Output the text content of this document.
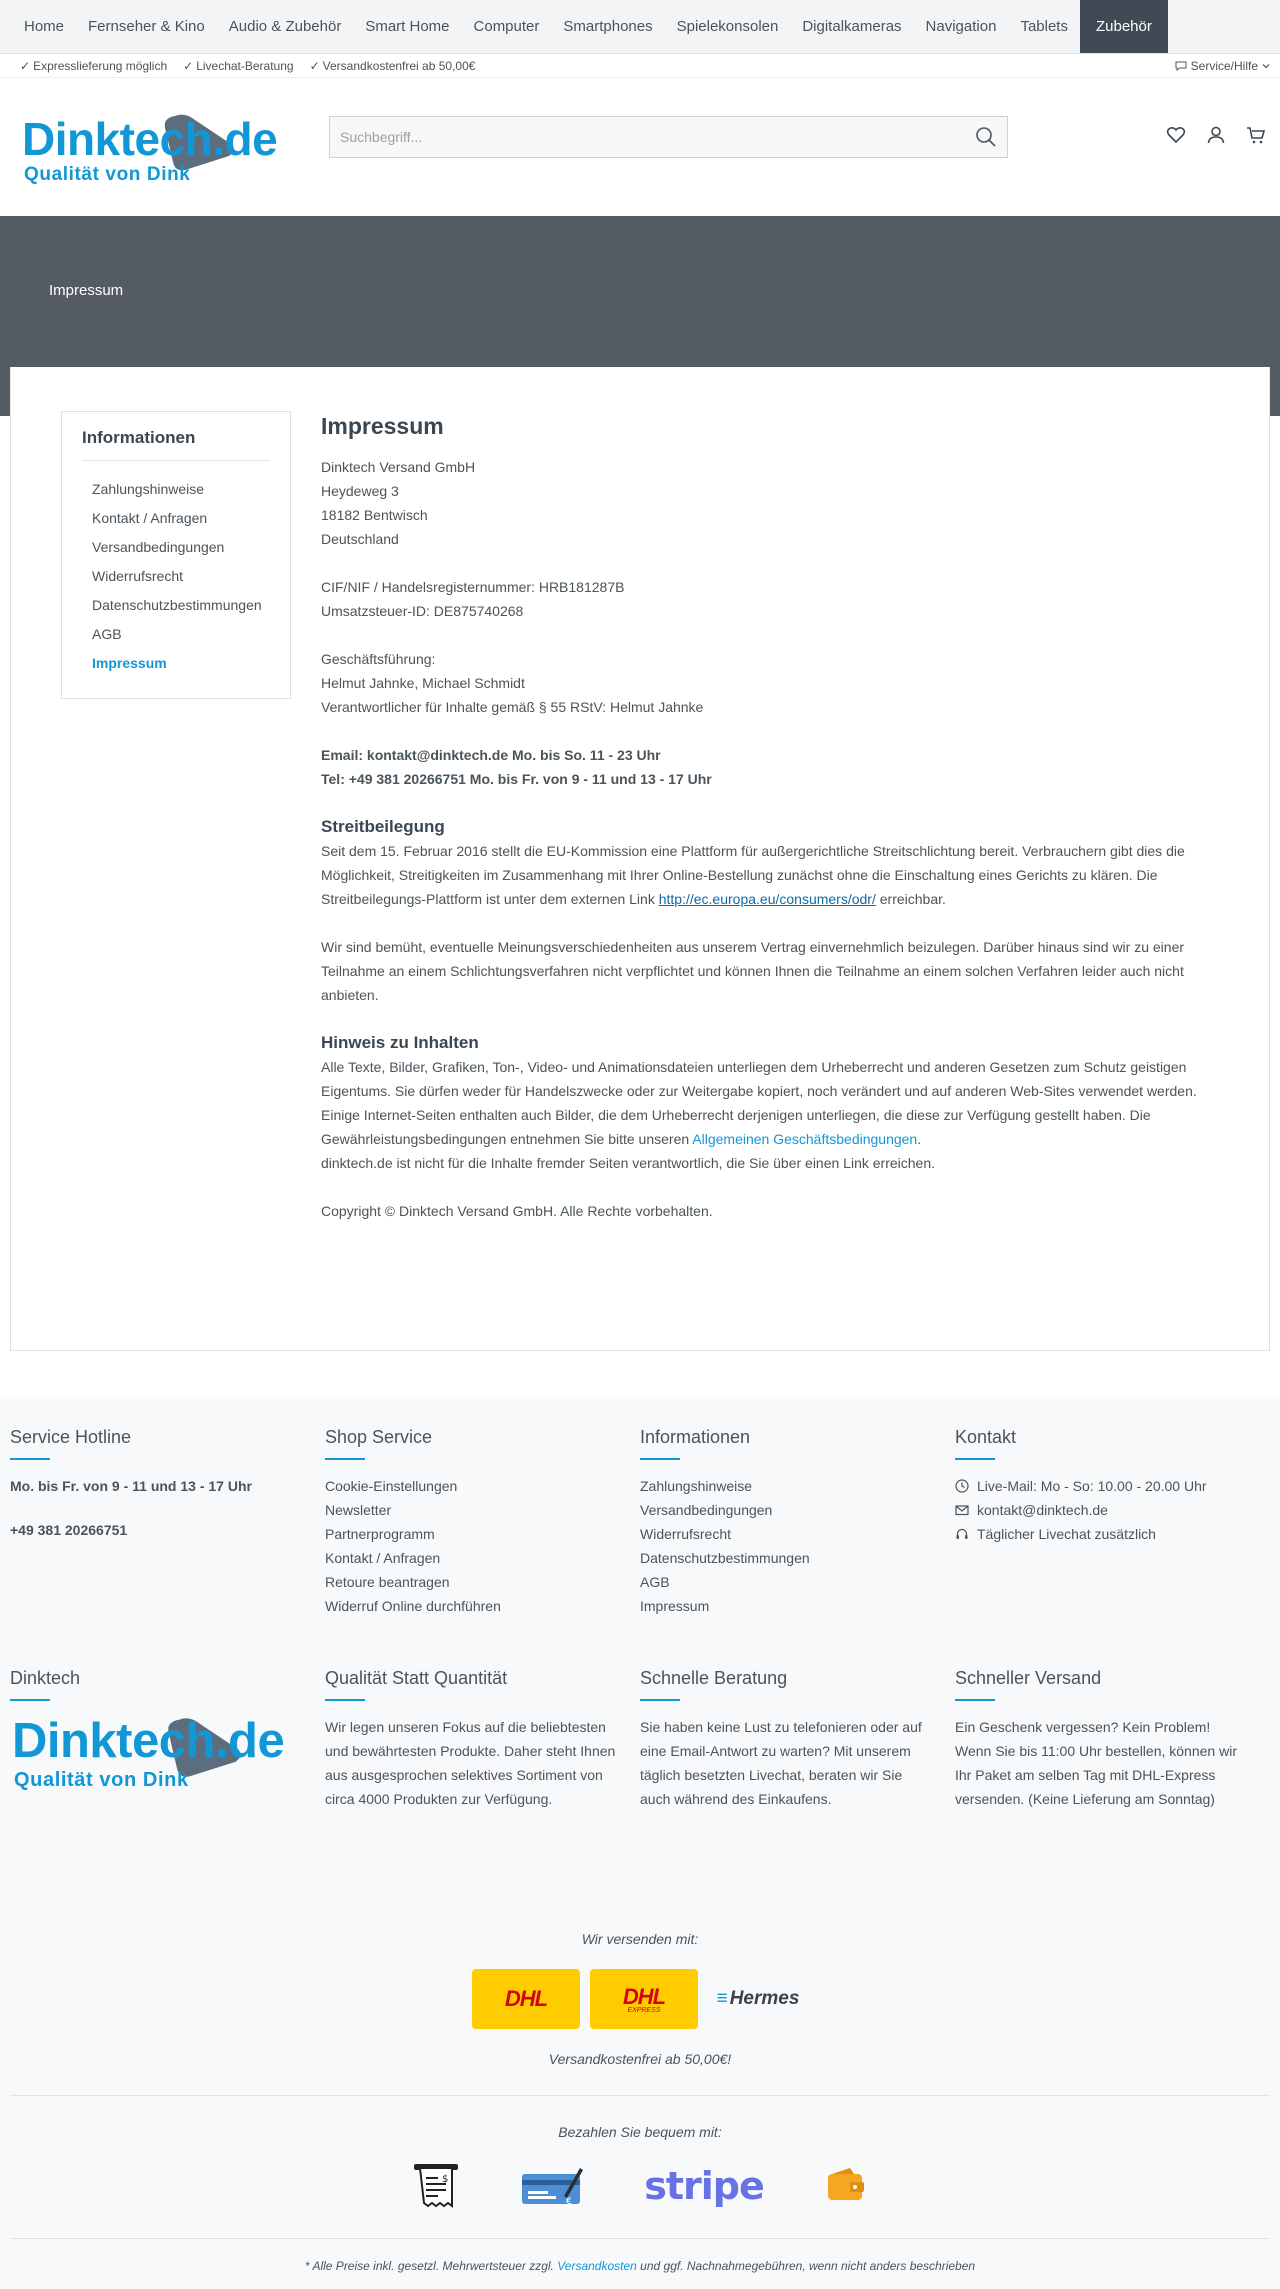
Home	Fernseher & Kino	Audio & Zubehör	Smart Home	Computer	Smartphones	Spielekonsolen	Digitalkameras	Navigation	Tablets	Zubehör
✓ Expresslieferung möglich ✓ Livechat-Beratung ✓ Versandkostenfrei ab 50,00€	Service/Hilfe
Dinktech.de
Qualität von Dink
Suchbegriff...
Impressum
Informationen
Zahlungshinweise
Kontakt / Anfragen
Versandbedingungen
Widerrufsrecht
Datenschutzbestimmungen
AGB
Impressum
Impressum

Dinktech Versand GmbH
Heydeweg 3
18182 Bentwisch
Deutschland

CIF/NIF / Handelsregisternummer: HRB181287B
Umsatzsteuer-ID: DE875740268

Geschäftsführung:
Helmut Jahnke, Michael Schmidt
Verantwortlicher für Inhalte gemäß § 55 RStV: Helmut Jahnke

Email: kontakt@dinktech.de Mo. bis So. 11 - 23 Uhr
Tel: +49 381 20266751 Mo. bis Fr. von 9 - 11 und 13 - 17 Uhr

Streitbeilegung

Seit dem 15. Februar 2016 stellt die EU-Kommission eine Plattform für außergerichtliche Streitschlichtung bereit. Verbrauchern gibt dies die Möglichkeit, Streitigkeiten im Zusammenhang mit Ihrer Online-Bestellung zunächst ohne die Einschaltung eines Gerichts zu klären. Die Streitbeilegungs-Plattform ist unter dem externen Link http://ec.europa.eu/consumers/odr/ erreichbar.

Wir sind bemüht, eventuelle Meinungsverschiedenheiten aus unserem Vertrag einvernehmlich beizulegen. Darüber hinaus sind wir zu einer Teilnahme an einem Schlichtungsverfahren nicht verpflichtet und können Ihnen die Teilnahme an einem solchen Verfahren leider auch nicht anbieten.

Hinweis zu Inhalten

Alle Texte, Bilder, Grafiken, Ton-, Video- und Animationsdateien unterliegen dem Urheberrecht und anderen Gesetzen zum Schutz geistigen Eigentums. Sie dürfen weder für Handelszwecke oder zur Weitergabe kopiert, noch verändert und auf anderen Web-Sites verwendet werden. Einige Internet-Seiten enthalten auch Bilder, die dem Urheberrecht derjenigen unterliegen, die diese zur Verfügung gestellt haben. Die Gewährleistungsbedingungen entnehmen Sie bitte unseren Allgemeinen Geschäftsbedingungen.
dinktech.de ist nicht für die Inhalte fremder Seiten verantwortlich, die Sie über einen Link erreichen.

Copyright © Dinktech Versand GmbH. Alle Rechte vorbehalten.

Service Hotline
Mo. bis Fr. von 9 - 11 und 13 - 17 Uhr
+49 381 20266751
Shop Service
Cookie-Einstellungen
Newsletter
Partnerprogramm
Kontakt / Anfragen
Retoure beantragen
Widerruf Online durchführen
Informationen
Zahlungshinweise
Versandbedingungen
Widerrufsrecht
Datenschutzbestimmungen
AGB
Impressum
Kontakt
Live-Mail: Mo - So: 10.00 - 20.00 Uhr
kontakt@dinktech.de
Täglicher Livechat zusätzlich
Dinktech
Dinktech.de
Qualität von Dink
Qualität Statt Quantität
Wir legen unseren Fokus auf die beliebtesten und bewährtesten Produkte. Daher steht Ihnen aus ausgesprochen selektives Sortiment von circa 4000 Produkten zur Verfügung.
Schnelle Beratung
Sie haben keine Lust zu telefonieren oder auf eine Email-Antwort zu warten? Mit unserem täglich besetzten Livechat, beraten wir Sie auch während des Einkaufens.
Schneller Versand
Ein Geschenk vergessen? Kein Problem! Wenn Sie bis 11:00 Uhr bestellen, können wir Ihr Paket am selben Tag mit DHL-Express versenden. (Keine Lieferung am Sonntag)
Wir versenden mit:
DHL	DHL
EXPRESS
≡ Hermes
Versandkostenfrei ab 50,00€!
Bezahlen Sie bequem mit:
$
€ stripe
* Alle Preise inkl. gesetzl. Mehrwertsteuer zzgl. Versandkosten und ggf. Nachnahmegebühren, wenn nicht anders beschrieben
